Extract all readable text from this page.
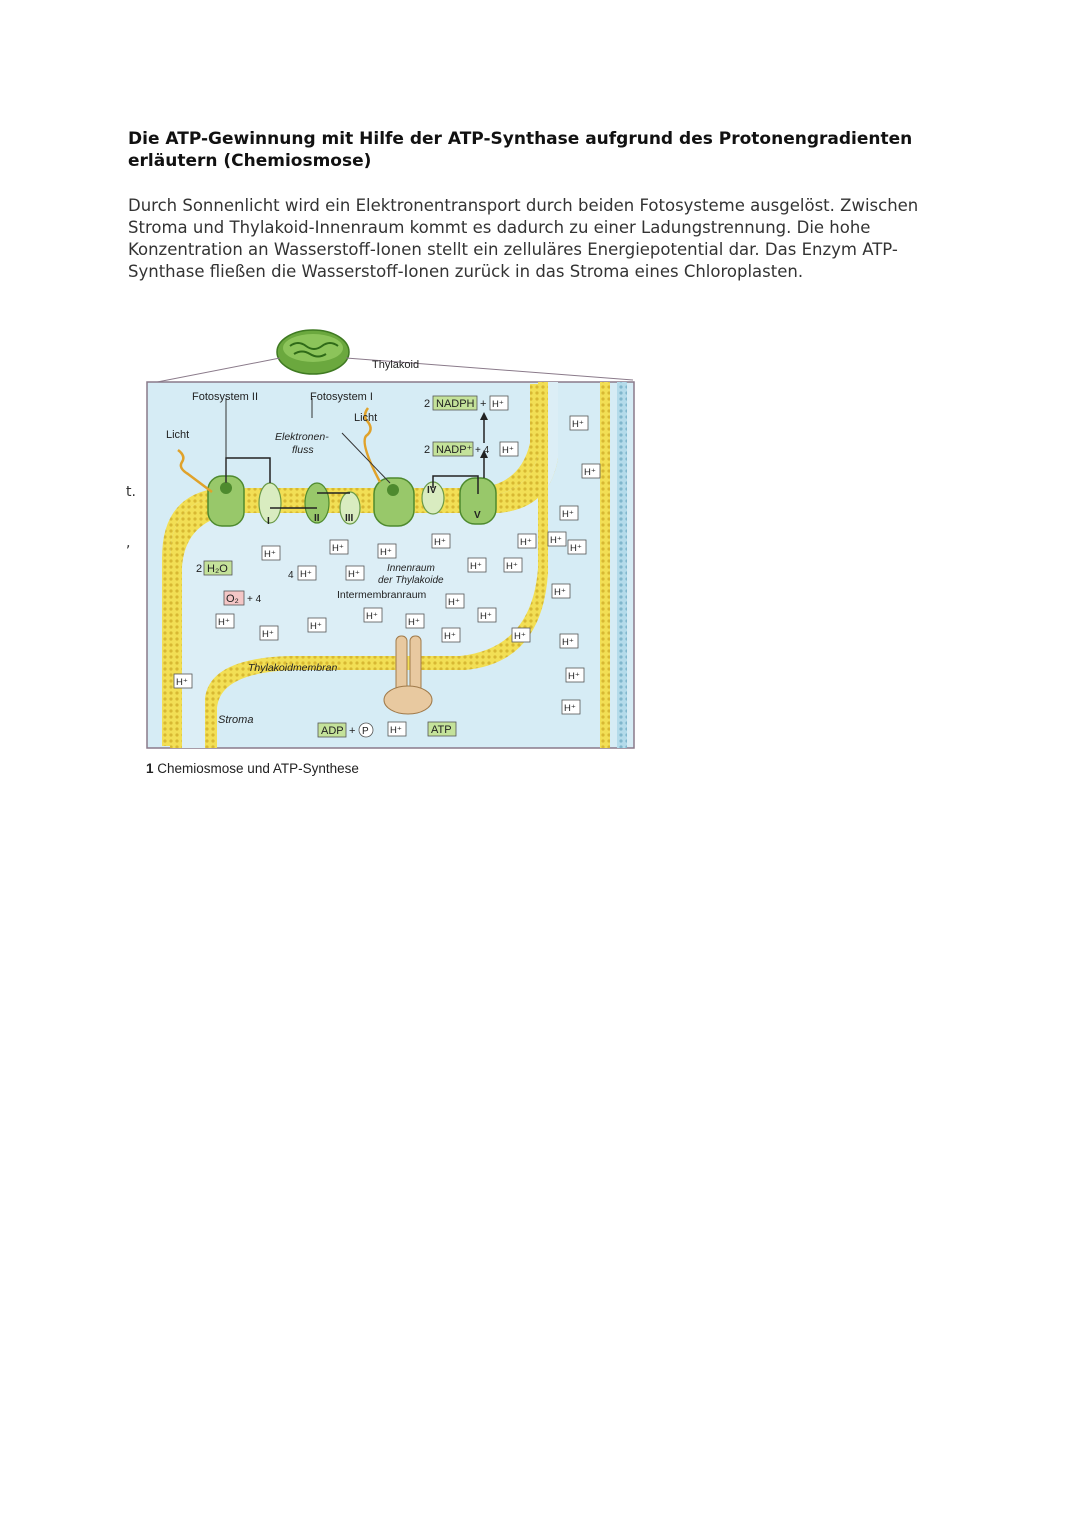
Die ATP-Gewinnung mit Hilfe der ATP-Synthase aufgrund des Protonengradienten erläutern (Chemiosmose)

Durch Sonnenlicht wird ein Elektronentransport durch beiden Fotosysteme ausgelöst. Zwischen Stroma und Thylakoid-Innenraum kommt es dadurch zu einer Ladungstrennung. Die hohe Konzentration an Wasserstoff-Ionen stellt ein zelluläres Energiepotential dar. Das Enzym ATP-Synthase fließen die Wasserstoff-Ionen zurück in das Stroma eines Chloroplasten.

t.
,
Thylakoid
Fotosystem II	Fotosystem I
Licht
Licht	Elektronen-
fluss
2 NADPH + H⁺
2 NADP⁺ + 4 H⁺
I	II	III
IV
V
2 H₂O
O₂ + 4
4
Innenraum
der Thylakoide
Intermembranraum
Thylakoidmembran
Stroma
ADP + P	ATP
H⁺
H⁺
H⁺
H⁺
H⁺
H⁺
H⁺
H⁺
H⁺
H⁺
H⁺
H⁺
H⁺	H⁺
H⁺
H⁺
H⁺
H⁺
H⁺
H⁺
H⁺
H⁺
H⁺
H⁺
H⁺
H⁺
H⁺
H⁺
H⁺
1 Chemiosmose und ATP-Synthese
